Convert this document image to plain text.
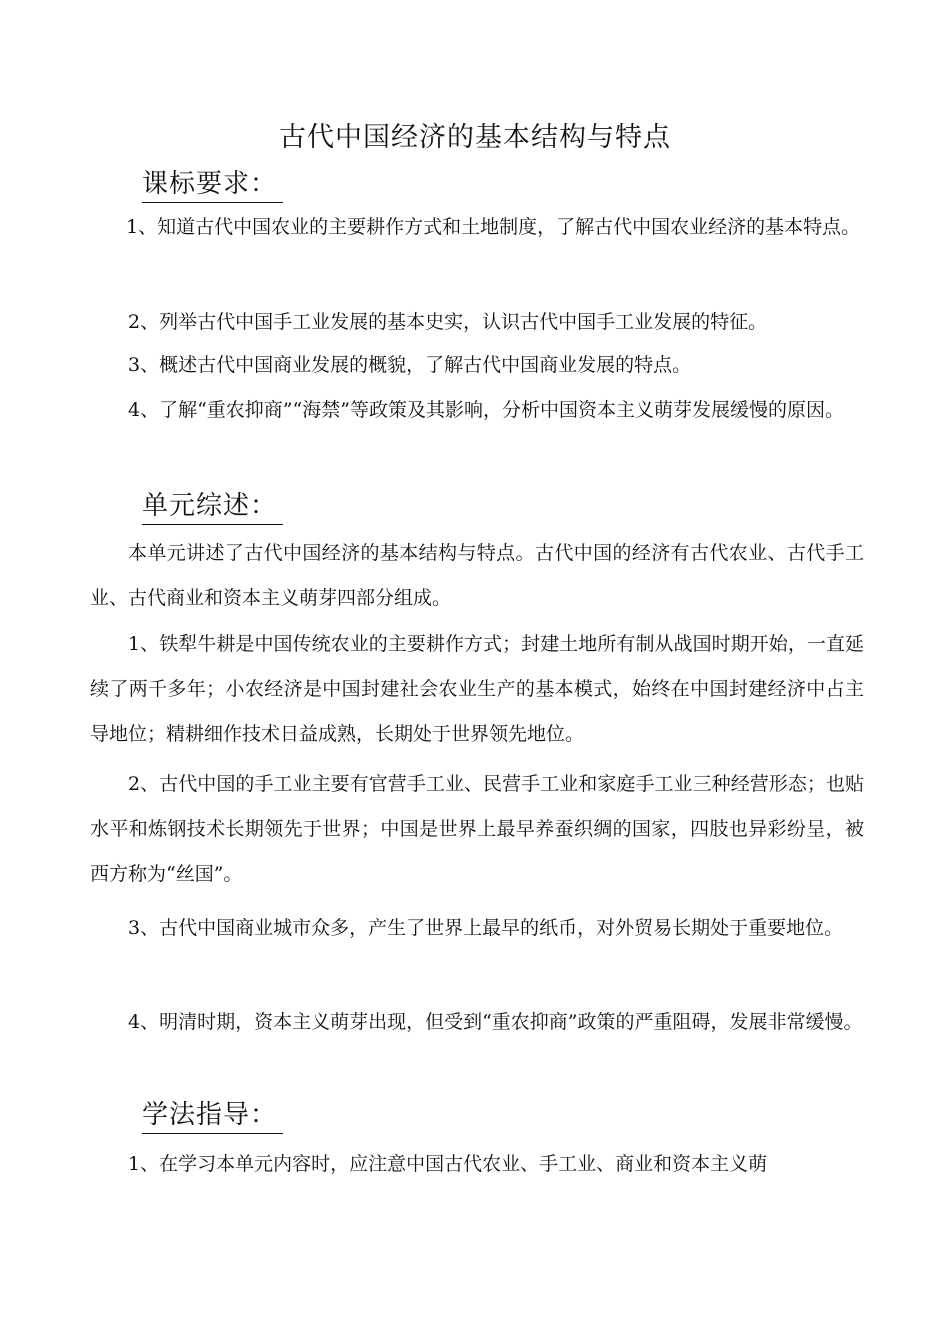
古代中国经济的基本结构与特点
课标要求：

1、知道古代中国农业的主要耕作方式和土地制度，了解古代中国农业经济的基本特点。

2、列举古代中国手工业发展的基本史实，认识古代中国手工业发展的特征。

3、概述古代中国商业发展的概貌，了解古代中国商业发展的特点。

4、了解“重农抑商”“海禁”等政策及其影响，分析中国资本主义萌芽发展缓慢的原因。

单元综述：

本单元讲述了古代中国经济的基本结构与特点。古代中国的经济有古代农业、古代手工业、古代商业和资本主义萌芽四部分组成。

1、铁犁牛耕是中国传统农业的主要耕作方式；封建土地所有制从战国时期开始，一直延续了两千多年；小农经济是中国封建社会农业生产的基本模式，始终在中国封建经济中占主导地位；精耕细作技术日益成熟，长期处于世界领先地位。

2、古代中国的手工业主要有官营手工业、民营手工业和家庭手工业三种经营形态；也贴水平和炼钢技术长期领先于世界；中国是世界上最早养蚕织绸的国家，四肢也异彩纷呈，被西方称为“丝国”。

3、古代中国商业城市众多，产生了世界上最早的纸币，对外贸易长期处于重要地位。

4、明清时期，资本主义萌芽出现，但受到“重农抑商”政策的严重阻碍，发展非常缓慢。

学法指导：

1、在学习本单元内容时，应注意中国古代农业、手工业、商业和资本主义萌
